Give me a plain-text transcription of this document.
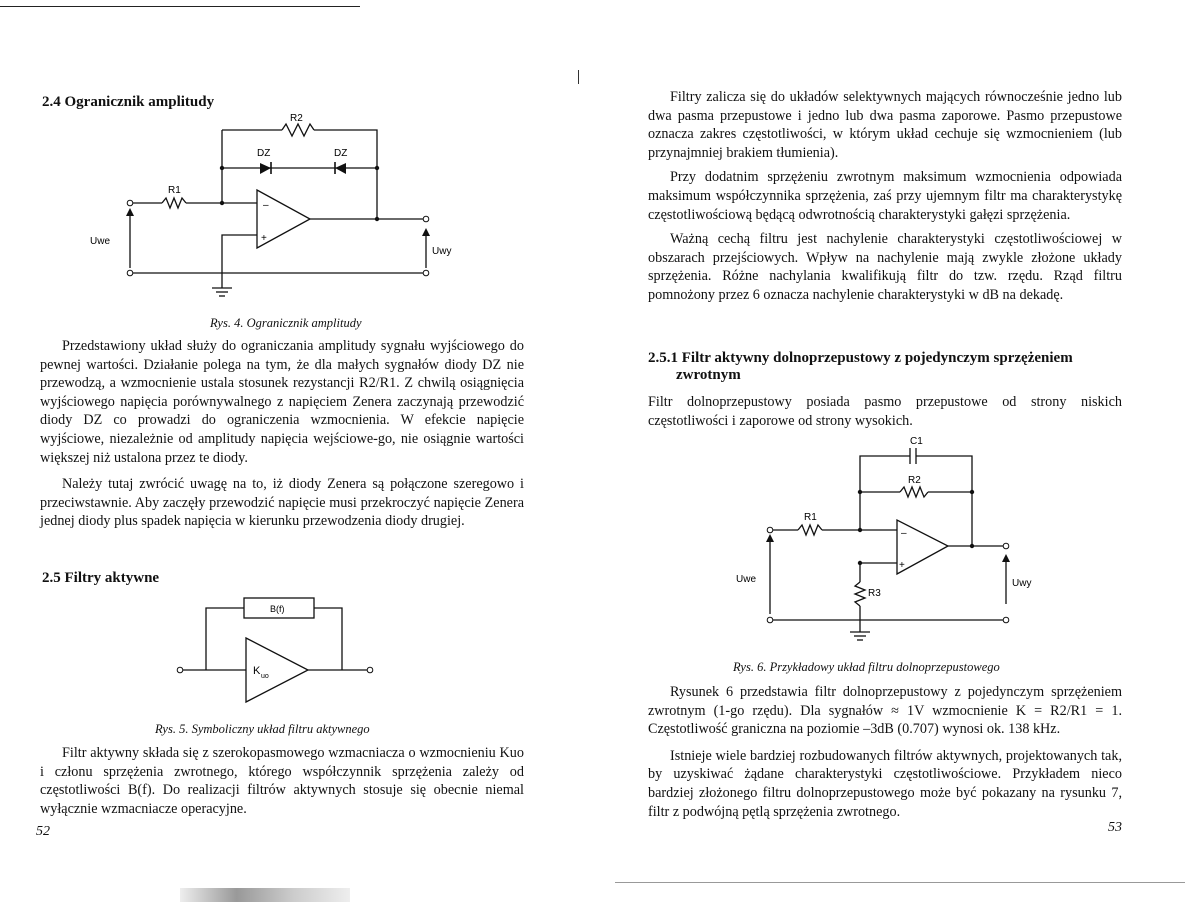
2.4 Ogranicznik amplitudy
–
+
R2
DZ	DZ
R1
Uwe
Uwy
Rys. 4. Ogranicznik amplitudy

Przedstawiony układ służy do ograniczania amplitudy sygnału wyjściowego do pewnej wartości. Działanie polega na tym, że dla małych sygnałów diody DZ nie przewodzą, a wzmocnienie ustala stosunek rezystancji R2/R1. Z chwilą osiągnięcia wyjściowego napięcia porównywalnego z napięciem Zenera zaczynają przewodzić diody DZ co prowadzi do ograniczenia wzmocnienia. W efekcie napięcie wyjściowe, niezależnie od amplitudy napięcia wejściowe-go, nie osiągnie wartości większej niż ustalona przez te diody.

Należy tutaj zwrócić uwagę na to, iż diody Zenera są połączone szeregowo i przeciwstawnie. Aby zaczęły przewodzić napięcie musi przekroczyć napięcie Zenera jednej diody plus spadek napięcia w kierunku przewodzenia diody drugiej.

2.5 Filtry aktywne
B(f)
K uo
Rys. 5. Symboliczny układ filtru aktywnego

Filtr aktywny składa się z szerokopasmowego wzmacniacza o wzmocnieniu Kuo i członu sprzężenia zwrotnego, którego współczynnik sprzężenia zależy od częstotliwości B(f). Do realizacji filtrów aktywnych stosuje się obecnie niemal wyłącznie wzmacniacze operacyjne.

52

Filtry zalicza się do układów selektywnych mających równocześnie jedno lub dwa pasma przepustowe i jedno lub dwa pasma zaporowe. Pasmo przepustowe oznacza zakres częstotliwości, w którym układ cechuje się wzmocnieniem (lub przynajmniej brakiem tłumienia).

Przy dodatnim sprzężeniu zwrotnym maksimum wzmocnienia odpowiada maksimum współczynnika sprzężenia, zaś przy ujemnym filtr ma charakterystykę częstotliwościową będącą odwrotnością charakterystyki gałęzi sprzężenia.

Ważną cechą filtru jest nachylenie charakterystyki częstotliwościowej w obszarach przejściowych. Wpływ na nachylenie mają zwykle złożone układy sprzężenia. Różne nachylania kwalifikują filtr do tzw. rzędu. Rząd filtru pomnożony przez 6 oznacza nachylenie charakterystyki w dB na dekadę.

2.5.1 Filtr aktywny dolnoprzepustowy z pojedynczym sprzężeniem
zwrotnym

Filtr dolnoprzepustowy posiada pasmo przepustowe od strony niskich częstotliwości i zaporowe od strony wysokich.

–
+
C1
R2
R1
R3
Uwe	Uwy
Rys. 6. Przykładowy układ filtru dolnoprzepustowego

Rysunek 6 przedstawia filtr dolnoprzepustowy z pojedynczym sprzężeniem zwrotnym (1-go rzędu). Dla sygnałów ≈ 1V wzmocnienie K = R2/R1 = 1. Częstotliwość graniczna na poziomie –3dB (0.707) wynosi ok. 138 kHz.

Istnieje wiele bardziej rozbudowanych filtrów aktywnych, projektowanych tak, by uzyskiwać żądane charakterystyki częstotliwościowe. Przykładem nieco bardziej złożonego filtru dolnoprzepustowego może być pokazany na rysunku 7, filtr z podwójną pętlą sprzężenia zwrotnego.

53
